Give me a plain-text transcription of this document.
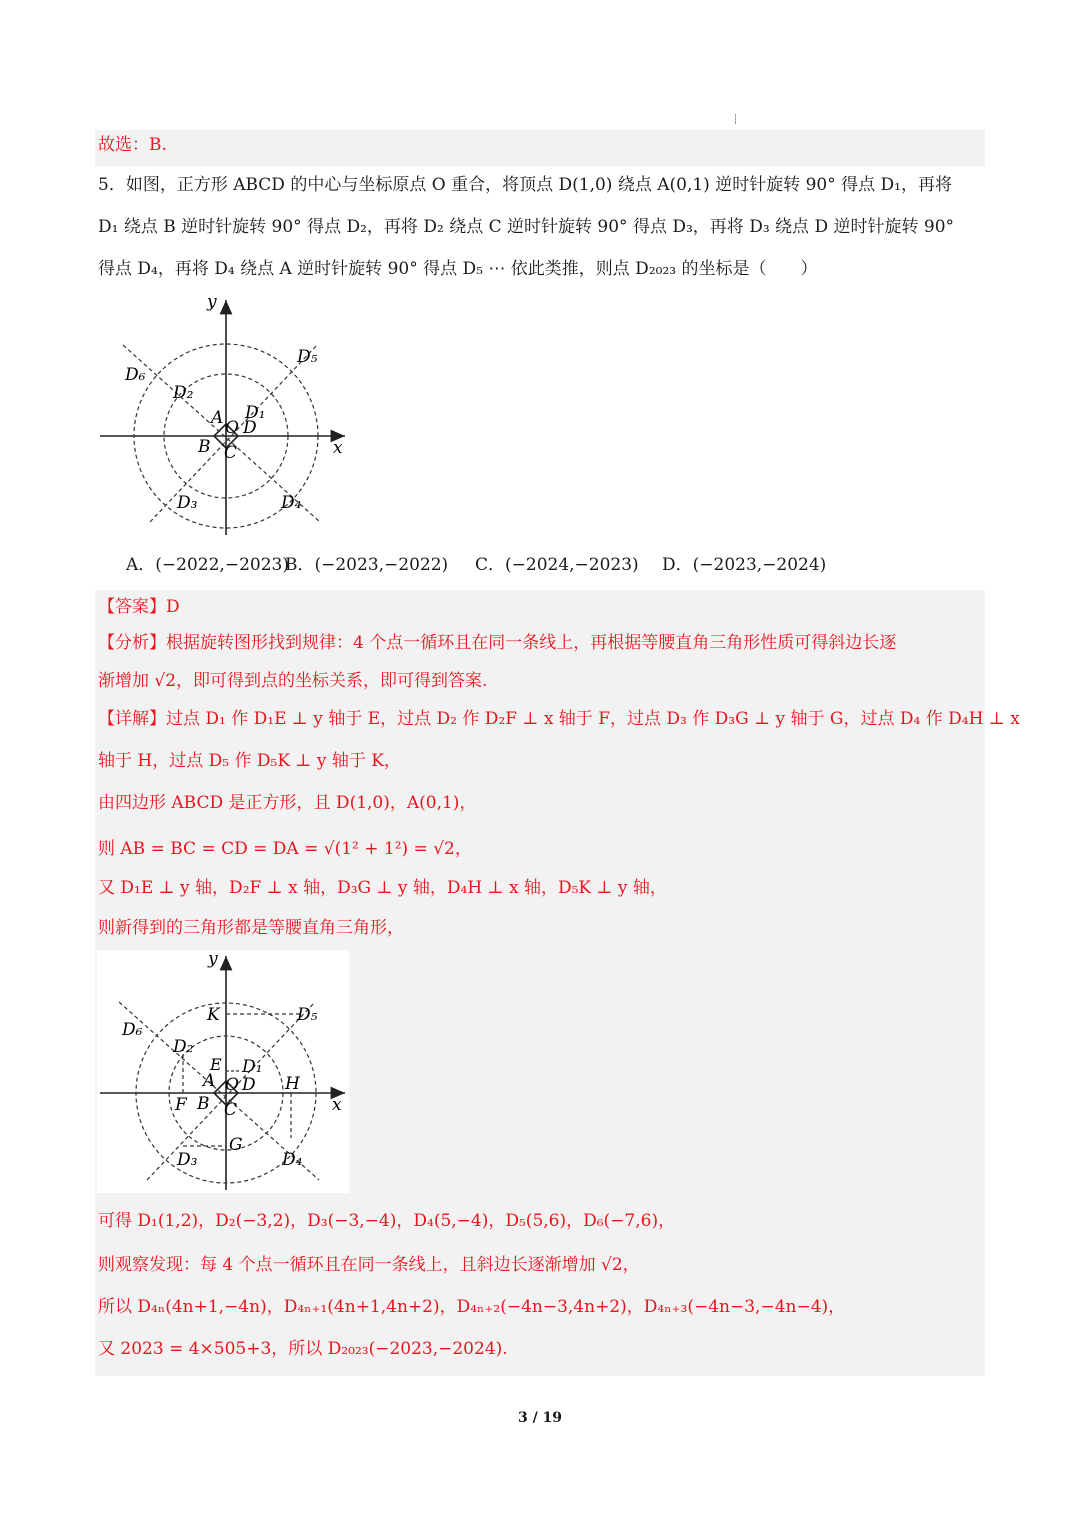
故选：B.
5．如图，正方形 ABCD 的中心与坐标原点 O 重合，将顶点 D(1,0) 绕点 A(0,1) 逆时针旋转 90° 得点 D₁，再将
D₁ 绕点 B 逆时针旋转 90° 得点 D₂，再将 D₂ 绕点 C 逆时针旋转 90° 得点 D₃，再将 D₃ 绕点 D 逆时针旋转 90°
得点 D₄，再将 D₄ 绕点 A 逆时针旋转 90° 得点 D₅ ⋯ 依此类推，则点 D₂₀₂₃ 的坐标是（　　）
y
x
D₅
D₆
D₂
D₁
A O D
B C
D₃	D₄
A．(−2022,−2023)
B．(−2023,−2022) C．(−2024,−2023) D．(−2023,−2024)
【答案】D
【分析】根据旋转图形找到规律：4 个点一循环且在同一条线上，再根据等腰直角三角形性质可得斜边长逐
渐增加 √2，即可得到点的坐标关系，即可得到答案.
【详解】过点 D₁ 作 D₁E ⊥ y 轴于 E，过点 D₂ 作 D₂F ⊥ x 轴于 F，过点 D₃ 作 D₃G ⊥ y 轴于 G，过点 D₄ 作 D₄H ⊥ x
轴于 H，过点 D₅ 作 D₅K ⊥ y 轴于 K，
由四边形 ABCD 是正方形，且 D(1,0)，A(0,1)，
则 AB = BC = CD = DA = √(1² + 1²) = √2，
又 D₁E ⊥ y 轴，D₂F ⊥ x 轴，D₃G ⊥ y 轴，D₄H ⊥ x 轴，D₅K ⊥ y 轴，
则新得到的三角形都是等腰直角三角形，
y
x
K	D₅
D₆
D₂
E D₁
A O D H
F B C
G
D₃	D₄
可得 D₁(1,2)，D₂(−3,2)，D₃(−3,−4)，D₄(5,−4)，D₅(5,6)，D₆(−7,6)，
则观察发现：每 4 个点一循环且在同一条线上，且斜边长逐渐增加 √2，
所以 D₄ₙ(4n+1,−4n)，D₄ₙ₊₁(4n+1,4n+2)，D₄ₙ₊₂(−4n−3,4n+2)，D₄ₙ₊₃(−4n−3,−4n−4)，
又 2023 = 4×505+3，所以 D₂₀₂₃(−2023,−2024).
3 / 19
